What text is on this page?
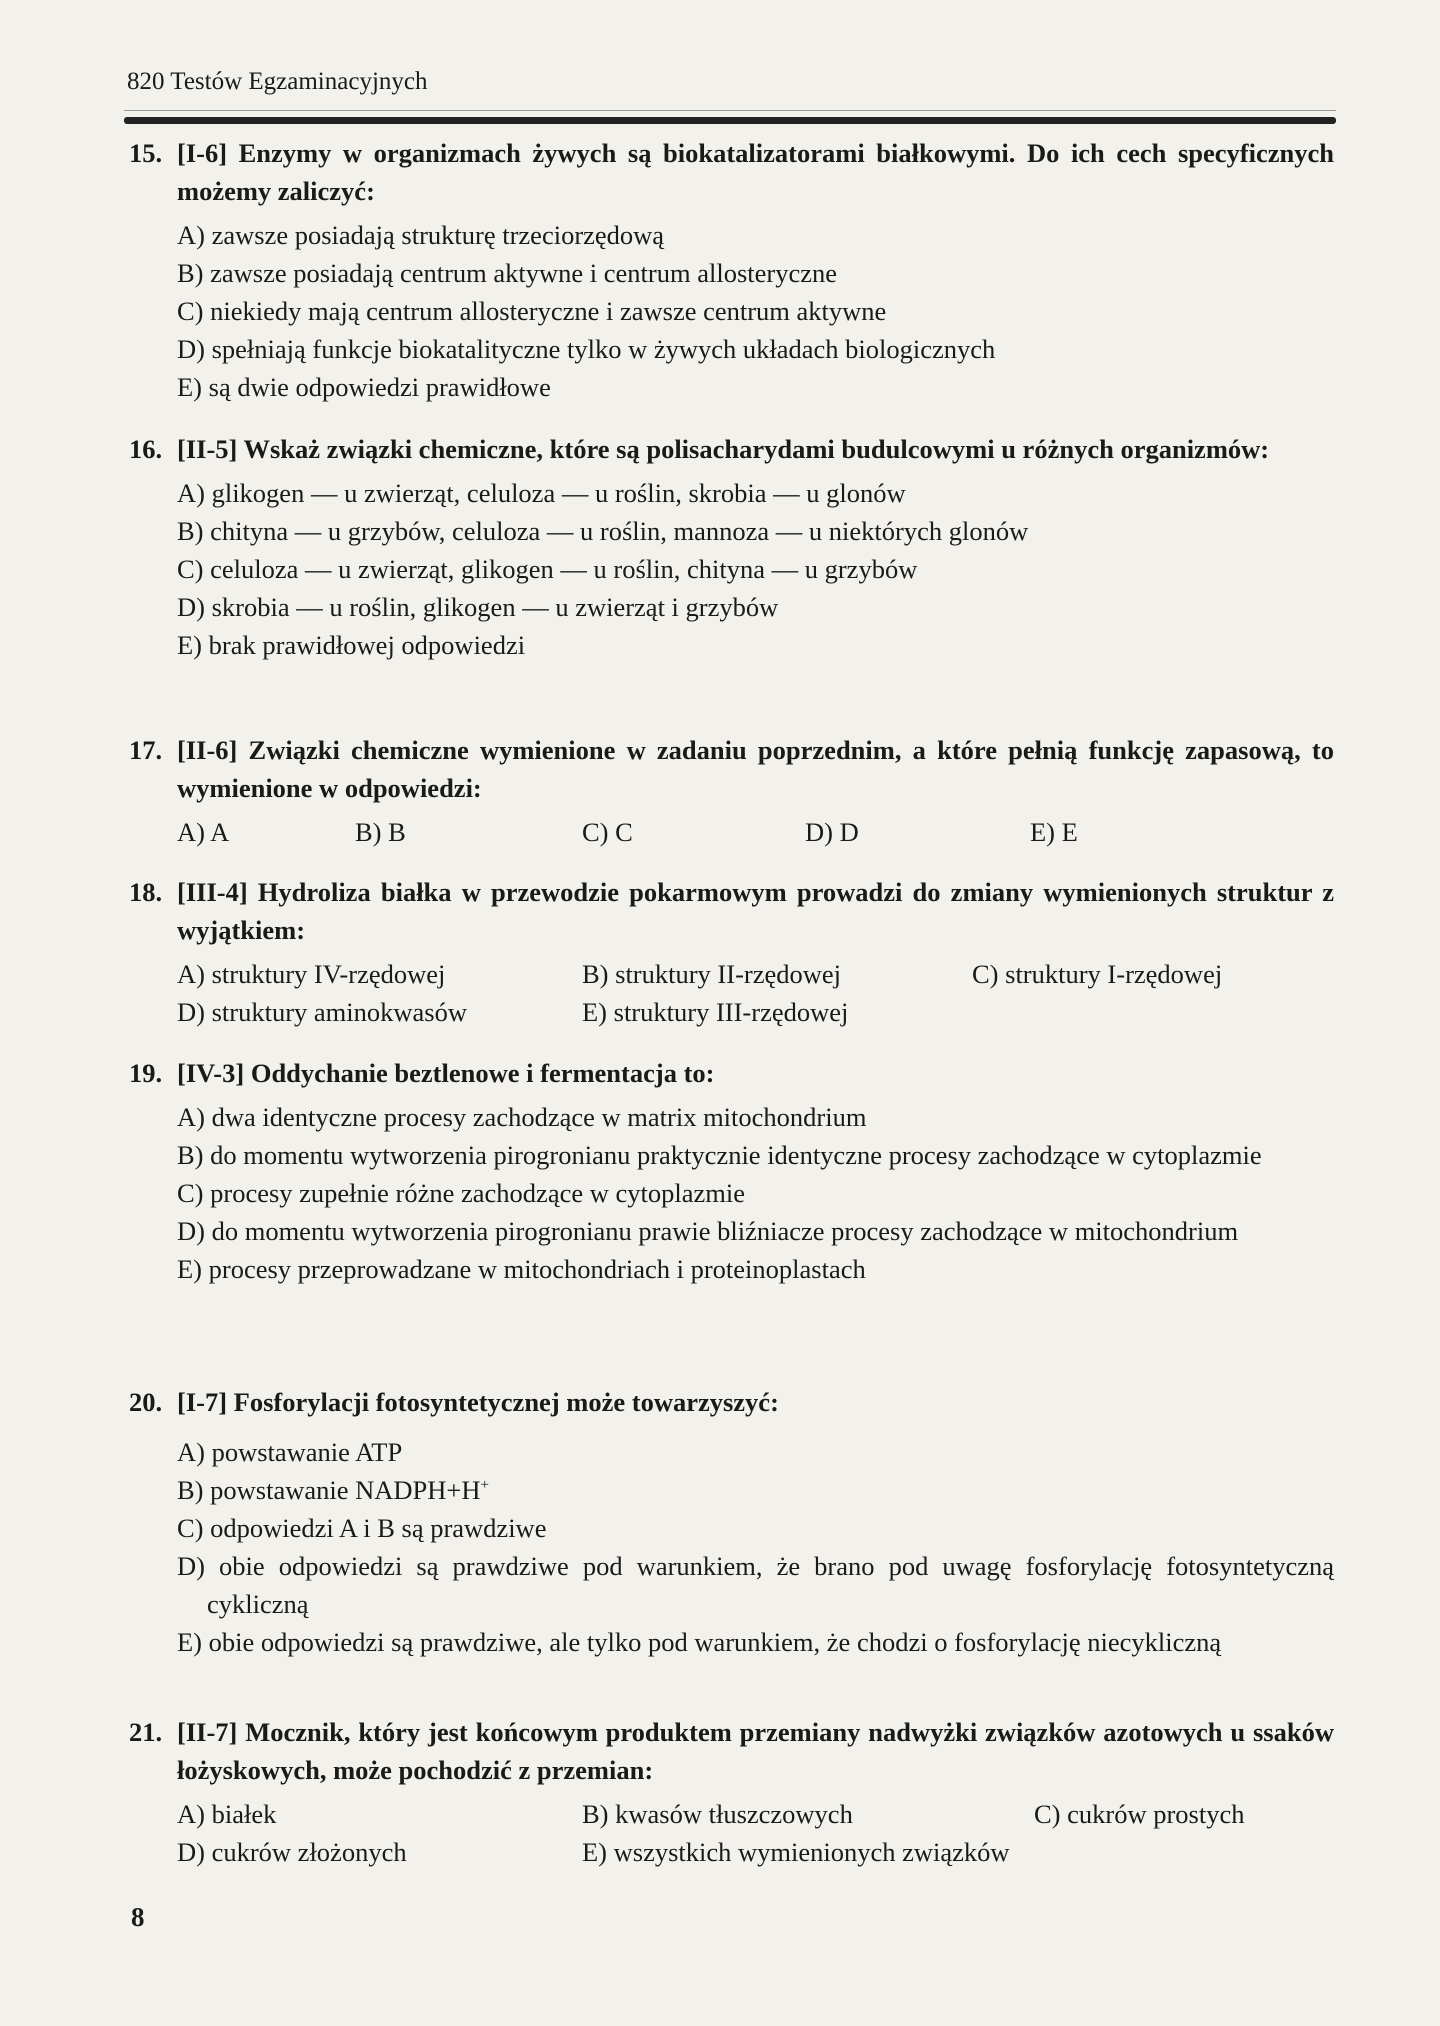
820 Testów Egzaminacyjnych
15. [I-6] Enzymy w organizmach żywych są biokatalizatorami białkowymi. Do ich cech specyficznych możemy zaliczyć:
A) zawsze posiadają strukturę trzeciorzędową
B) zawsze posiadają centrum aktywne i centrum allosteryczne
C) niekiedy mają centrum allosteryczne i zawsze centrum aktywne
D) spełniają funkcje biokatalityczne tylko w żywych układach biologicznych
E) są dwie odpowiedzi prawidłowe
16. [II-5] Wskaż związki chemiczne, które są polisacharydami budulcowymi u różnych organizmów:
A) glikogen — u zwierząt, celuloza — u roślin, skrobia — u glonów
B) chityna — u grzybów, celuloza — u roślin, mannoza — u niektórych glonów
C) celuloza — u zwierząt, glikogen — u roślin, chityna — u grzybów
D) skrobia — u roślin, glikogen — u zwierząt i grzybów
E) brak prawidłowej odpowiedzi
17. [II-6] Związki chemiczne wymienione w zadaniu poprzednim, a które pełnią funkcję zapasową, to wymienione w odpowiedzi:
A) A	B) B	C) C	D) D	E) E
18. [III-4] Hydroliza białka w przewodzie pokarmowym prowadzi do zmiany wymienionych struktur z wyjątkiem:
A) struktury IV-rzędowej	B) struktury II-rzędowej	C) struktury I-rzędowej
D) struktury aminokwasów	E) struktury III-rzędowej
19. [IV-3] Oddychanie beztlenowe i fermentacja to:
A) dwa identyczne procesy zachodzące w matrix mitochondrium
B) do momentu wytworzenia pirogronianu praktycznie identyczne procesy zachodzące w cytoplazmie
C) procesy zupełnie różne zachodzące w cytoplazmie
D) do momentu wytworzenia pirogronianu prawie bliźniacze procesy zachodzące w mitochondrium
E) procesy przeprowadzane w mitochondriach i proteinoplastach
20. [I-7] Fosforylacji fotosyntetycznej może towarzyszyć:
A) powstawanie ATP
B) powstawanie NADPH+H+
C) odpowiedzi A i B są prawdziwe
D) obie odpowiedzi są prawdziwe pod warunkiem, że brano pod uwagę fosforylację fotosyntetyczną cykliczną
E) obie odpowiedzi są prawdziwe, ale tylko pod warunkiem, że chodzi o fosforylację niecykliczną
21. [II-7] Mocznik, który jest końcowym produktem przemiany nadwyżki związków azotowych u ssaków łożyskowych, może pochodzić z przemian:
A) białek	B) kwasów tłuszczowych	C) cukrów prostych
D) cukrów złożonych	E) wszystkich wymienionych związków
8
